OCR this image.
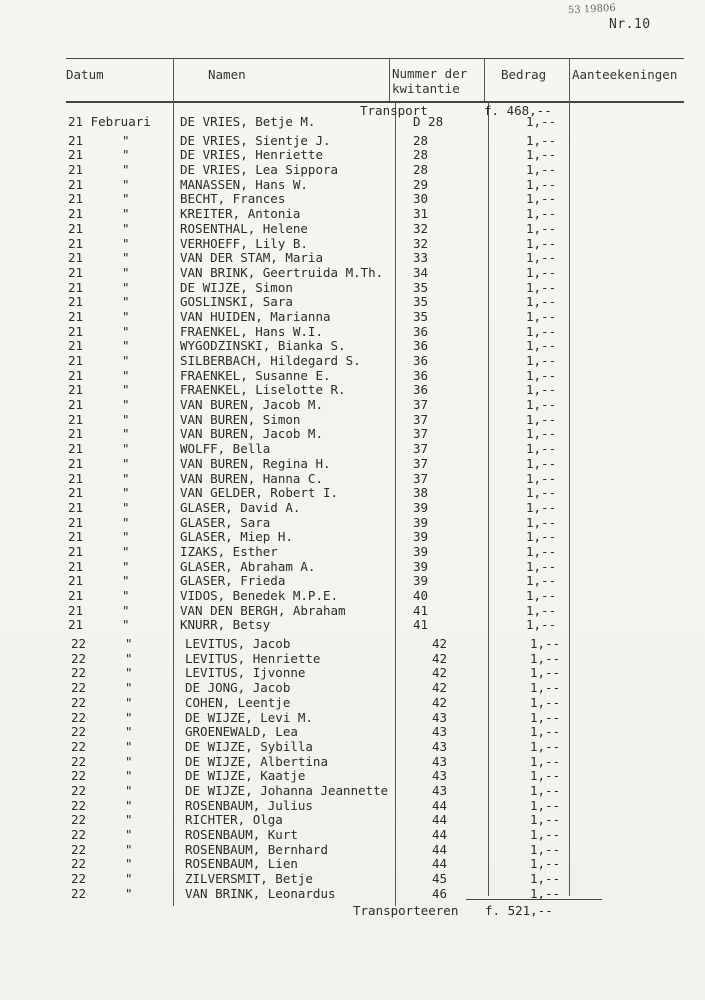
53 19806
Nr.10
Datum	Namen	Nummer der
kwitantie
Bedrag Aanteekeningen
Transport	f. 468,--
21 Februari DE VRIES, Betje M.	D 28	1,--
21	"	DE VRIES, Sientje J.	28	1,--
21	"	DE VRIES, Henriette	28	1,--
21	"	DE VRIES, Lea Sippora	28	1,--
21	"	MANASSEN, Hans W.	29	1,--
21	"	BECHT, Frances	30	1,--
21	"	KREITER, Antonia	31	1,--
21	"	ROSENTHAL, Helene	32	1,--
21	"	VERHOEFF, Lily B.	32	1,--
21	"	VAN DER STAM, Maria	33	1,--
21	"	VAN BRINK, Geertruida M.Th. 34	1,--
21	"	DE WIJZE, Simon	35	1,--
21	"	GOSLINSKI, Sara	35	1,--
21	"	VAN HUIDEN, Marianna	35	1,--
21	"	FRAENKEL, Hans W.I.	36	1,--
21	"	WYGODZINSKI, Bianka S.	36	1,--
21	"	SILBERBACH, Hildegard S.	36	1,--
21	"	FRAENKEL, Susanne E.	36	1,--
21	"	FRAENKEL, Liselotte R.	36	1,--
21	"	VAN BUREN, Jacob M.	37	1,--
21	"	VAN BUREN, Simon	37	1,--
21	"	VAN BUREN, Jacob M.	37	1,--
21	"	WOLFF, Bella	37	1,--
21	"	VAN BUREN, Regina H.	37	1,--
21	"	VAN BUREN, Hanna C.	37	1,--
21	"	VAN GELDER, Robert I.	38	1,--
21	"	GLASER, David A.	39	1,--
21	"	GLASER, Sara	39	1,--
21	"	GLASER, Miep H.	39	1,--
21	"	IZAKS, Esther	39	1,--
21	"	GLASER, Abraham A.	39	1,--
21	"	GLASER, Frieda	39	1,--
21	"	VIDOS, Benedek M.P.E.	40	1,--
21	"	VAN DEN BERGH, Abraham	41	1,--
21	"	KNURR, Betsy	41	1,--
22	"	LEVITUS, Jacob	42	1,--
22	"	LEVITUS, Henriette	42	1,--
22	"	LEVITUS, Ijvonne	42	1,--
22	"	DE JONG, Jacob	42	1,--
22	"	COHEN, Leentje	42	1,--
22	"	DE WIJZE, Levi M.	43	1,--
22	"	GROENEWALD, Lea	43	1,--
22	"	DE WIJZE, Sybilla	43	1,--
22	"	DE WIJZE, Albertina	43	1,--
22	"	DE WIJZE, Kaatje	43	1,--
22	"	DE WIJZE, Johanna Jeannette	43	1,--
22	"	ROSENBAUM, Julius	44	1,--
22	"	RICHTER, Olga	44	1,--
22	"	ROSENBAUM, Kurt	44	1,--
22	"	ROSENBAUM, Bernhard	44	1,--
22	"	ROSENBAUM, Lien	44	1,--
22	"	ZILVERSMIT, Betje	45	1,--
22	"	VAN BRINK, Leonardus	46	1,--
Transporteeren f. 521,--
